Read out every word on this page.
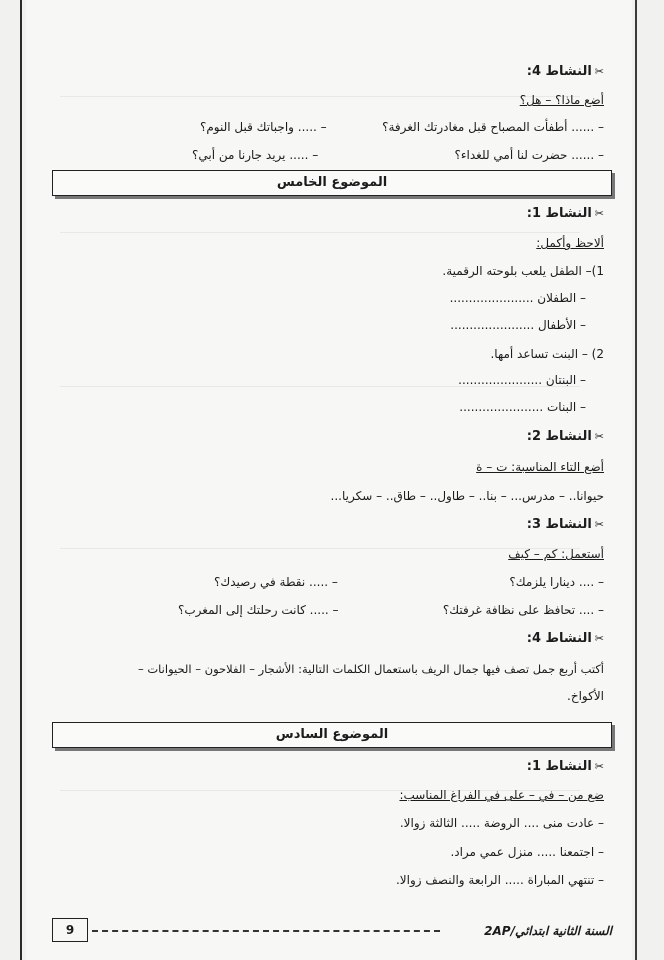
✂النشاط 4:
أضع ماذا؟ – هل؟
– ...... أطفأت المصباح قبل مغادرتك الغرفة؟
– ..... واجباتك قبل النوم؟
– ...... حضرت لنا أمي للغداء؟
– ..... يريد جارنا من أبي؟
الموضوع الخامس
✂النشاط 1:
ألاحظ وأكمل:
1)– الطفل يلعب بلوحته الرقمية.
– الطفلان ......................
– الأطفال ......................
2) – البنت تساعد أمها.
– البنتان ......................
– البنات ......................
✂النشاط 2:
أضع التاء المناسبة: ت – ة
حيوانا.. – مدرس... – بنا.. – طاول.. – طاق.. – سكريا...
✂النشاط 3:
أستعمل: كم – كيف
– .... دينارا يلزمك؟
– ..... نقطة في رصيدك؟
– .... تحافظ على نظافة غرفتك؟
– ..... كانت رحلتك إلى المغرب؟
✂النشاط 4:
أكتب أربع جمل تصف فيها جمال الريف باستعمال الكلمات التالية: الأشجار – الفلاحون – الحيوانات –
الأكواخ.
الموضوع السادس
✂النشاط 1:
ضع من – في – على في الفراغ المناسب:
– عادت منى .... الروضة ..... الثالثة زوالا.
– اجتمعنا ..... منزل عمي مراد.
– تنتهي المباراة ..... الرابعة والنصف زوالا.
السنة الثانية ابتدائي/2AP
9
